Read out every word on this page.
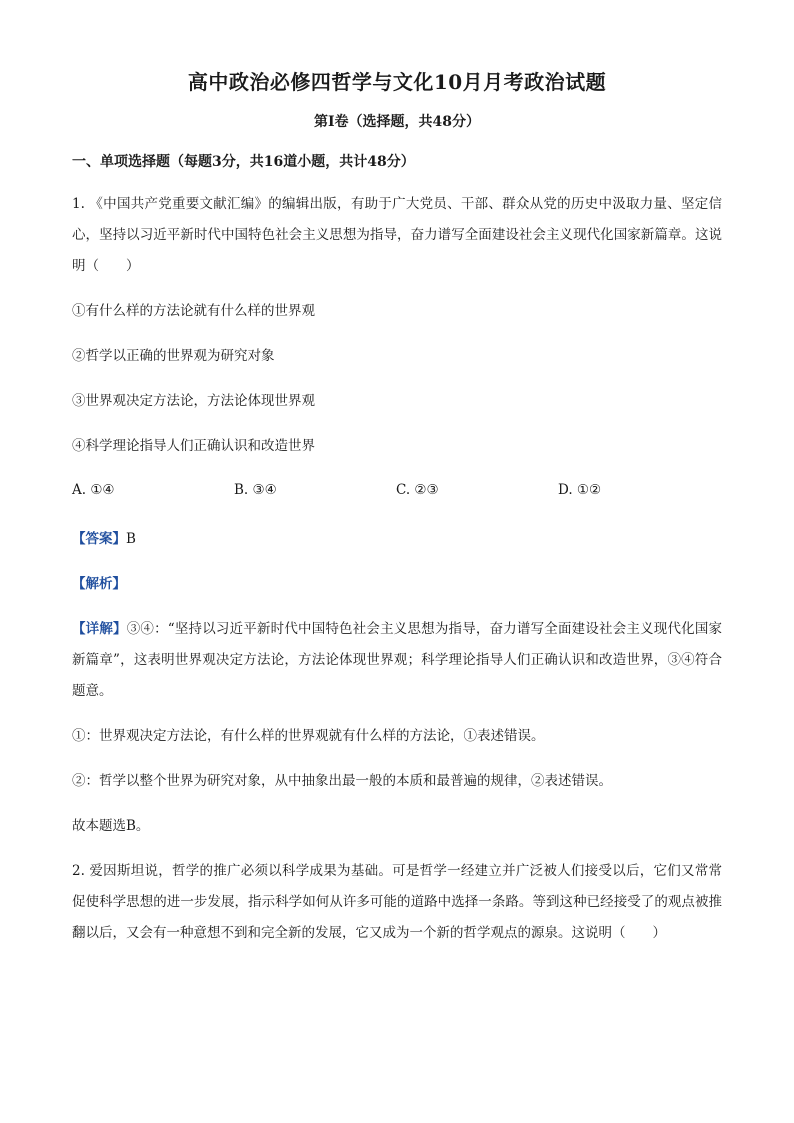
高中政治必修四哲学与文化10月月考政治试题
第Ⅰ卷（选择题，共48分）
一、单项选择题（每题3分，共16道小题，共计48分）

1. 《中国共产党重要文献汇编》的编辑出版，有助于广大党员、干部、群众从党的历史中汲取力量、坚定信心，坚持以习近平新时代中国特色社会主义思想为指导，奋力谱写全面建设社会主义现代化国家新篇章。这说明（　　）

①有什么样的方法论就有什么样的世界观

②哲学以正确的世界观为研究对象

③世界观决定方法论，方法论体现世界观

④科学理论指导人们正确认识和改造世界

A. ①④	B. ③④	C. ②③	D. ①②

【答案】B

【解析】

【详解】③④：“坚持以习近平新时代中国特色社会主义思想为指导，奋力谱写全面建设社会主义现代化国家新篇章”，这表明世界观决定方法论，方法论体现世界观；科学理论指导人们正确认识和改造世界，③④符合题意。

①：世界观决定方法论，有什么样的世界观就有什么样的方法论，①表述错误。

②：哲学以整个世界为研究对象，从中抽象出最一般的本质和最普遍的规律，②表述错误。

故本题选B。

2. 爱因斯坦说，哲学的推广必须以科学成果为基础。可是哲学一经建立并广泛被人们接受以后，它们又常常促使科学思想的进一步发展，指示科学如何从许多可能的道路中选择一条路。等到这种已经接受了的观点被推翻以后，又会有一种意想不到和完全新的发展，它又成为一个新的哲学观点的源泉。这说明（　　）
